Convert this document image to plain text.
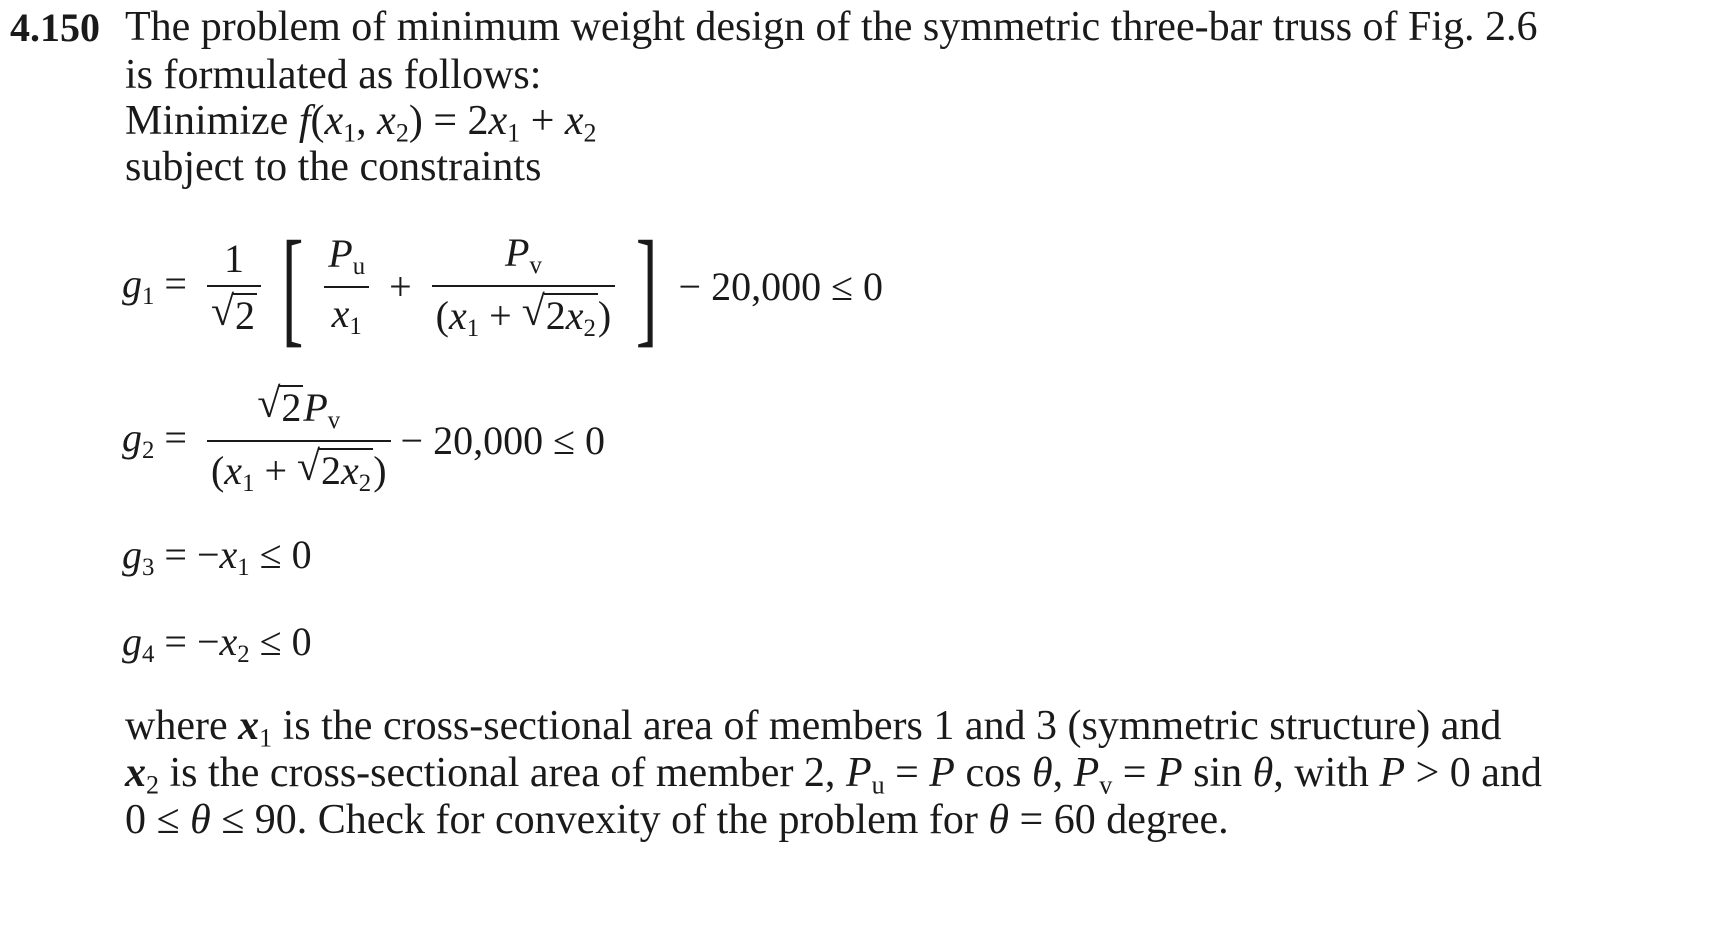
4.150 The problem of minimum weight design of the symmetric three-bar truss of Fig. 2.6
is formulated as follows:
Minimize $f(x_1$, $x_2) = 2x_1 + x_2$
subject to the constraints
$g_1 = 1$
√ 2 [ $\frac{P_u}{x_1} + \frac{P_v}{(x_1 + √ 2x_2)}$ ] − 20,000 ≤ 0
$g_2$ =
√ $\frac{2P_v}{(x_1 + √ 2x_2)} - 20,000 \le 0$
$g_3 = -x_1 \le 0$
$g_4 = -x_2 \le 0$
where $x_1$ is the cross-sectional area of members 1 and 3 (symmetric structure) and
$x_2$ is the cross-sectional area of member 2, $P_u = P$ cos θ, $P_v = P$ sin θ, with P > 0 and
0 ≤ θ ≤ 90. Check for convexity of the problem for θ = 60 degree.
